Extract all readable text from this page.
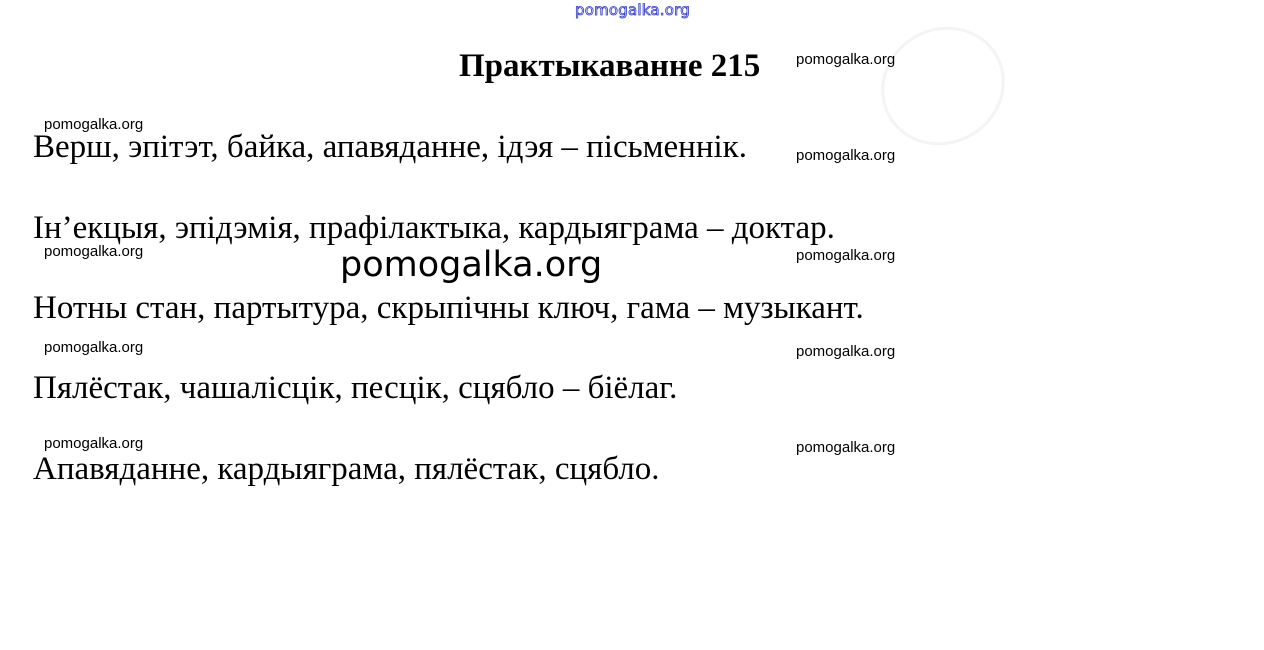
pomogalka.org
Практыкаванне 215
Верш, эпітэт, байка, апавяданне, ідэя – пісьменнік.
Ін’екцыя, эпідэмія, прафілактыка, кардыяграма – доктар.
Нотны стан, партытура, скрыпічны ключ, гама – музыкант.
Пялёстак, чашалісцік, песцік, сцябло – біёлаг.
Апавяданне, кардыяграма, пялёстак, сцябло.
pomogalka.org
pomogalka.org
pomogalka.org
pomogalka.org	pomogalka.org
pomogalka.org	pomogalka.org
pomogalka.org	pomogalka.org
pomogalka.org
